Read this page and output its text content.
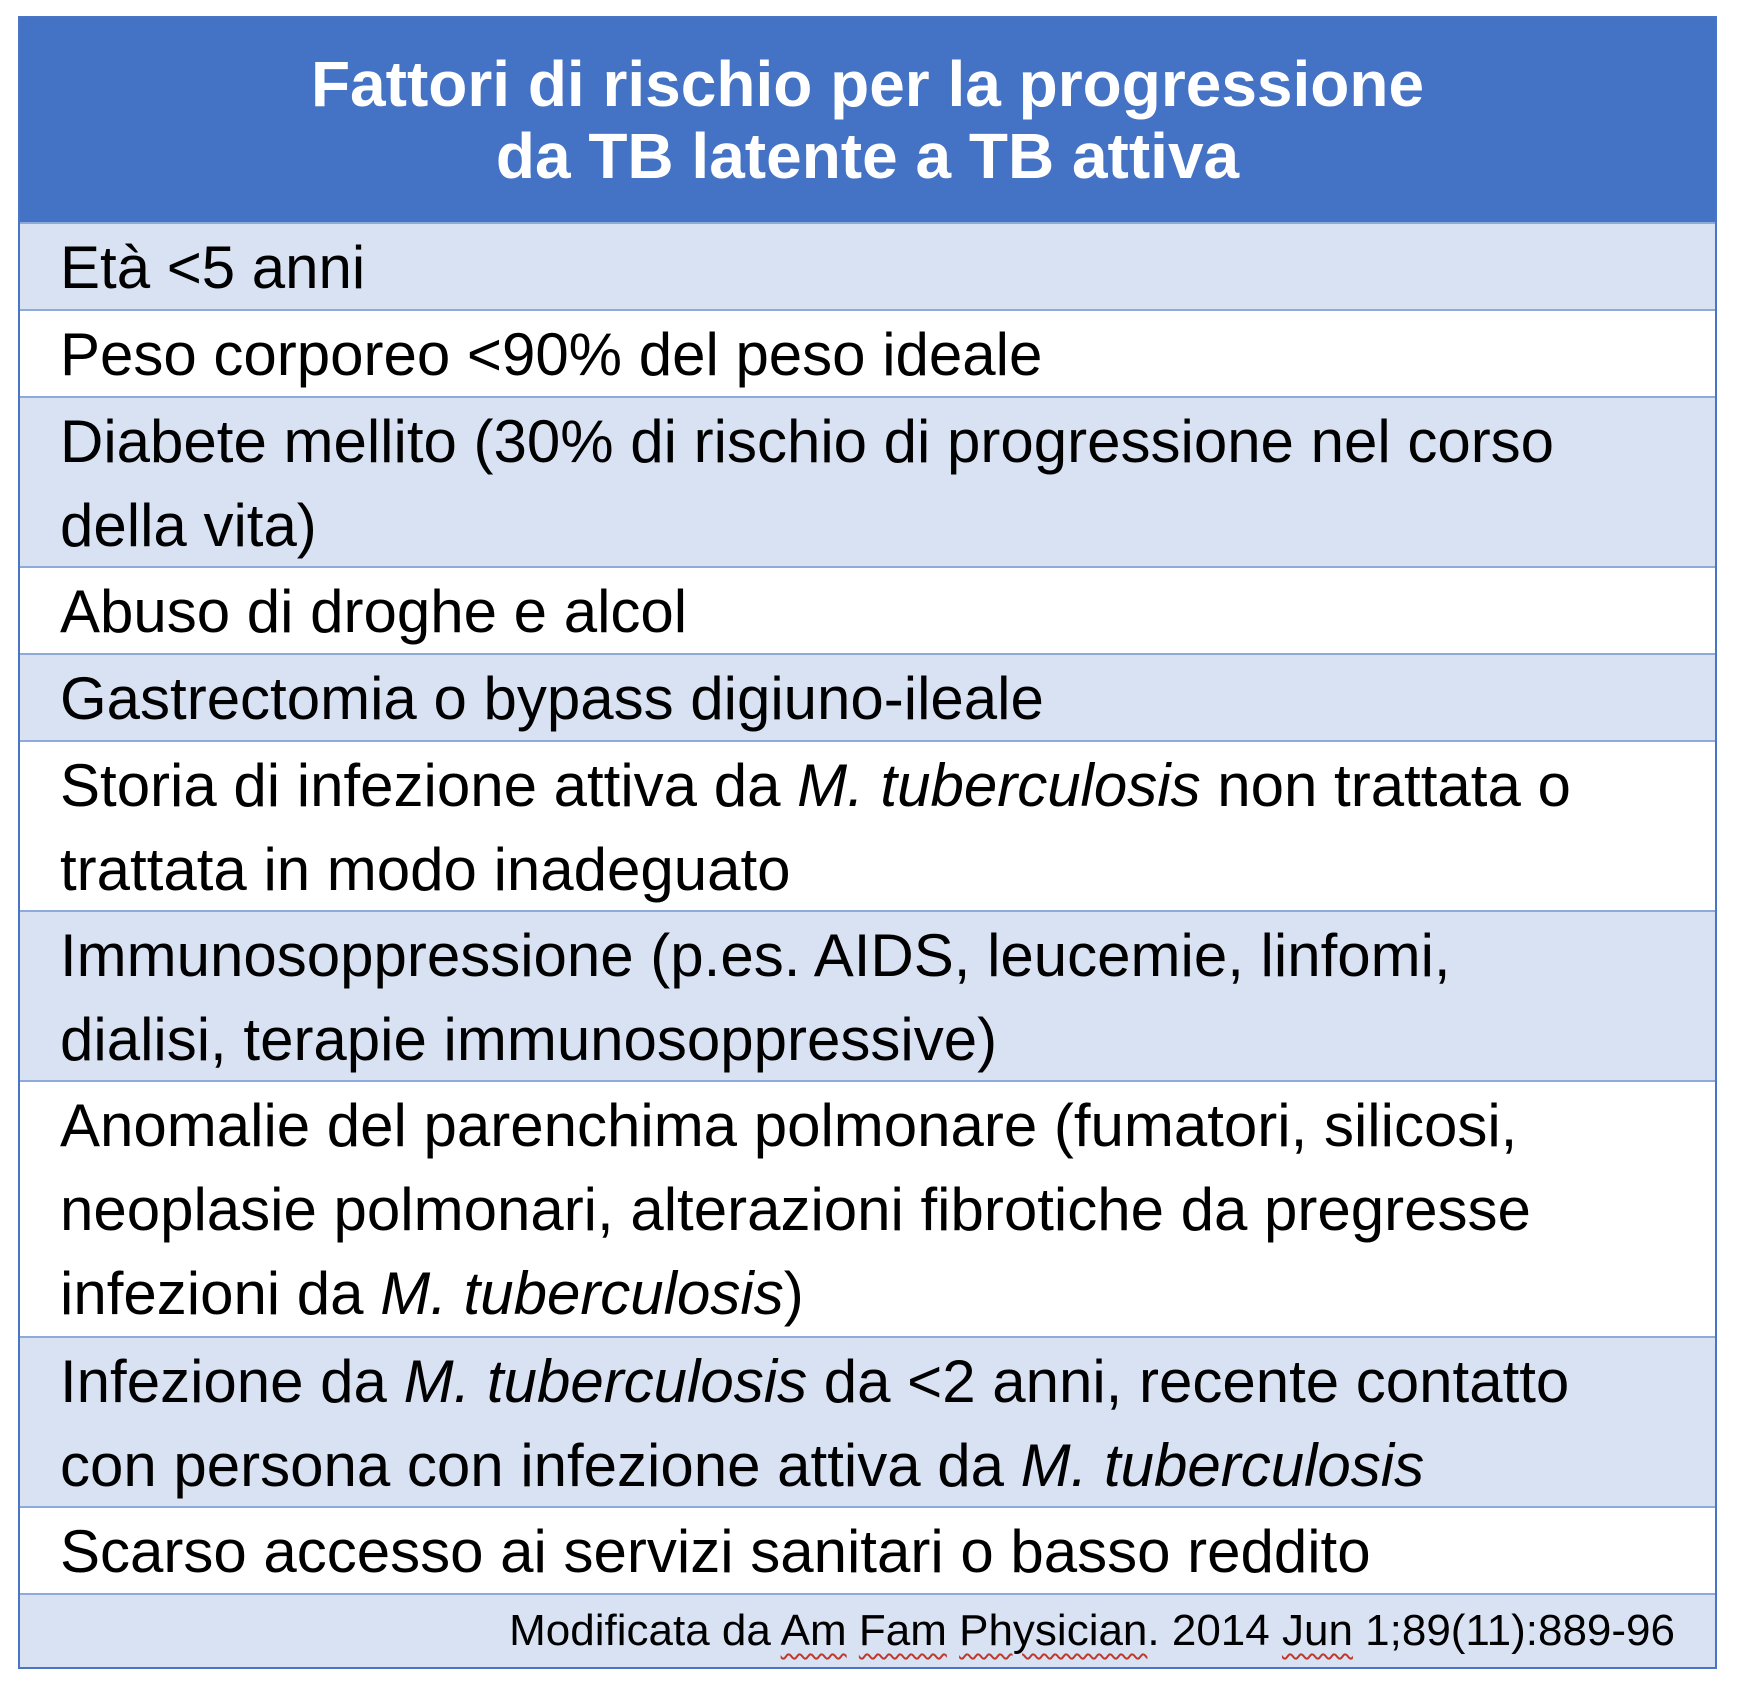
Fattori di rischio per la progressione
da TB latente a TB attiva
Età <5 anni
Peso corporeo <90% del peso ideale
Diabete mellito (30% di rischio di progressione nel corso
della vita)
Abuso di droghe e alcol
Gastrectomia o bypass digiuno-ileale
Storia di infezione attiva da M. tuberculosis non trattata o
trattata in modo inadeguato
Immunosoppressione (p.es. AIDS, leucemie, linfomi,
dialisi, terapie immunosoppressive)
Anomalie del parenchima polmonare (fumatori, silicosi,
neoplasie polmonari, alterazioni fibrotiche da pregresse
infezioni da M. tuberculosis)
Infezione da M. tuberculosis da <2 anni, recente contatto
con persona con infezione attiva da M. tuberculosis
Scarso accesso ai servizi sanitari o basso reddito
Modificata da Am Fam Physician. 2014 Jun 1;89(11):889-96
